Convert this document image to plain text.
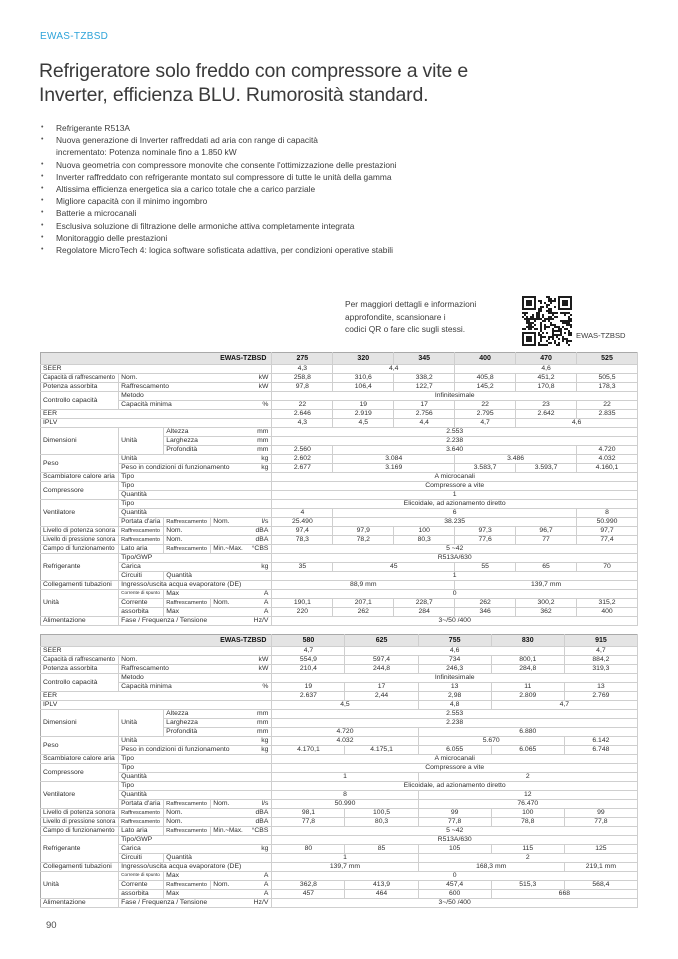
EWAS-TZBSD
Refrigeratore solo freddo con compressore a vite e
Inverter, efficienza BLU. Rumorosità standard.
•	Refrigerante R513A
•	Nuova generazione di Inverter raffreddati ad aria con range di capacità
incrementato: Potenza nominale fino a 1.850 kW
•	Nuova geometria con compressore monovite che consente l'ottimizzazione delle prestazioni
•	Inverter raffreddato con refrigerante montato sul compressore di tutte le unità della gamma
•	Altissima efficienza energetica sia a carico totale che a carico parziale
•	Migliore capacità con il minimo ingombro
•	Batterie a microcanali
•	Esclusiva soluzione di filtrazione delle armoniche attiva completamente integrata
•	Monitoraggio delle prestazioni
•	Regolatore MicroTech 4: logica software sofisticata adattiva, per condizioni operative stabili
Per maggiori dettagli e informazioni
approfondite, scansionare i
codici QR o fare clic sugli stessi.
EWAS-TZBSD
EWAS-TZBSD					275	320	345	400	470	525
SEER					4,3	4,4		4,6		
Capacità di raffrescamento	Nom.			kW	258,8	310,6	338,2	405,8	451,2	505,5
Potenza assorbita	Raffrescamento			kW	97,8	106,4	122,7	145,2	170,8	178,3
Controllo capacità	Metodo				Infinitesimale					
	Capacità minima			%	22	19	17	22	23	22
EER					2.646	2.919	2.756	2.795	2.642	2.835
IPLV					4,3	4,5	4,4	4,7	4,6	
Dimensioni	Unità	Altezza		mm	2.553					
		Larghezza		mm	2.238					
		Profondità		mm	2.560	3.640				4.720
Peso	Unità			kg	2.602	3.084		3.486		4.032
	Peso in condizioni di funzionamento			kg	2.677	3.169		3.583,7	3.593,7	4.160,1
Scambiatore calore aria	Tipo				A microcanali					
Compressore	Tipo				Compressore a vite					
	Quantità				1					
Ventilatore	Tipo				Elicoidale, ad azionamento diretto					
	Quantità				4	6				8
	Portata d'aria	Raffrescamento	Nom.	l/s	25.490	38.235				50.990
Livello di potenza sonora	Raffrescamento	Nom.		dBA	97,4	97,9	100	97,3	96,7	97,7
Livello di pressione sonora	Raffrescamento	Nom.		dBA	78,3	78,2	80,3	77,6	77	77,4
Campo di funzionamento	Lato aria	Raffrescamento	Min.~Max.	°CBS	5 ~42					
Refrigerante	Tipo/GWP				R513A/630					
	Carica			kg	35	45		55	65	70
	Circuiti	Quantità			1					
Collegamenti tubazioni	Ingresso/uscita acqua evaporatore (DE)				88,9 mm			139,7 mm		
Unità	Corrente di spunto	Max		A	0					
	Corrente	Raffrescamento	Nom.	A	190,1	207,1	228,7	262	300,2	315,2
	assorbita	Max		A	220	262	284	346	362	400
Alimentazione	Fase / Frequenza / Tensione			Hz/V	3~/50 /400					
EWAS-TZBSD					580	625	755	830	915
SEER					4,7	4,6			4,7
Capacità di raffrescamento	Nom.			kW	554,9	597,4	734	800,1	884,2
Potenza assorbita	Raffrescamento			kW	210,4	244,8	246,3	284,8	319,3
Controllo capacità	Metodo				Infinitesimale				
	Capacità minima			%	19	17	13	11	13
EER					2.637	2,44	2,98	2.809	2.769
IPLV					4,5		4,8	4,7	
Dimensioni	Unità	Altezza		mm	2.553				
		Larghezza		mm	2.238				
		Profondità		mm	4.720		6.880		
Peso	Unità			kg	4.032		5.670		6.142
	Peso in condizioni di funzionamento			kg	4.170,1	4.175,1	6.055	6.065	6.748
Scambiatore calore aria	Tipo				A microcanali				
Compressore	Tipo				Compressore a vite				
	Quantità				1		2		
Ventilatore	Tipo				Elicoidale, ad azionamento diretto				
	Quantità				8		12		
	Portata d'aria	Raffrescamento	Nom.	l/s	50.990		76.470		
Livello di potenza sonora	Raffrescamento	Nom.		dBA	98,1	100,5	99	100	99
Livello di pressione sonora	Raffrescamento	Nom.		dBA	77,8	80,3	77,8	78,8	77,8
Campo di funzionamento	Lato aria	Raffrescamento	Min.~Max.	°CBS	5 ~42				
Refrigerante	Tipo/GWP				R513A/630				
	Carica			kg	80	85	105	115	125
	Circuiti	Quantità			1		2		
Collegamenti tubazioni	Ingresso/uscita acqua evaporatore (DE)				139,7 mm		168,3 mm		219,1 mm
Unità	Corrente di spunto	Max		A	0				
	Corrente	Raffrescamento	Nom.	A	362,8	413,9	457,4	515,3	568,4
	assorbita	Max		A	457	464	600	668	
Alimentazione	Fase / Frequenza / Tensione			Hz/V	3~/50 /400				
90
